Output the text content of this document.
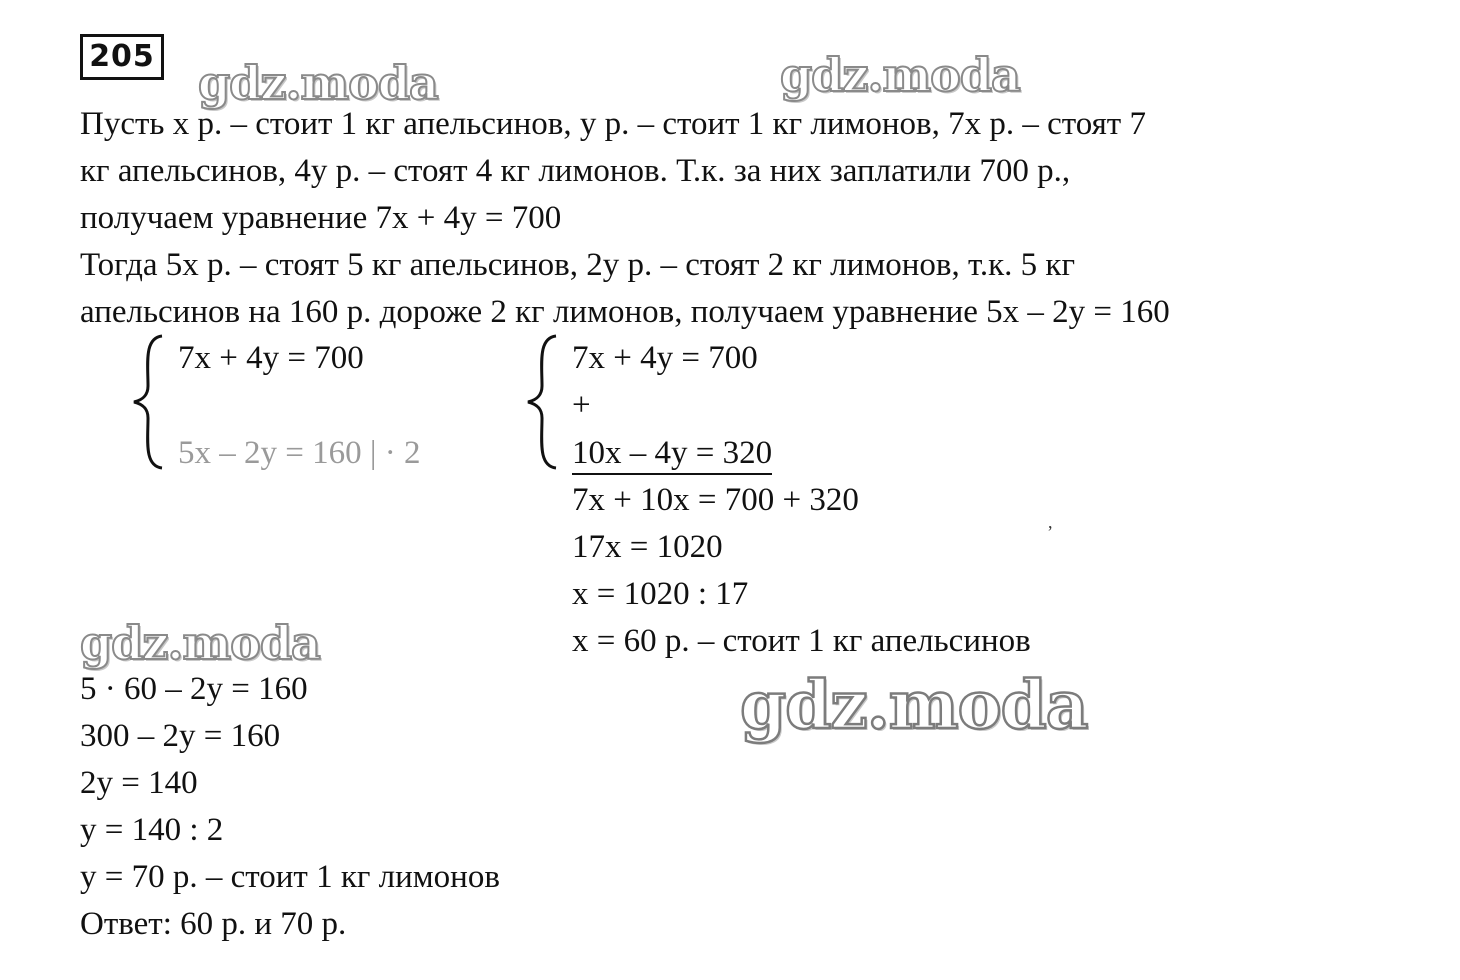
205 gdz.moda	gdz.moda
gdz.moda
gdz.moda
Пусть x р. – стоит 1 кг апельсинов, y р. – стоит 1 кг лимонов, 7x р. – стоят 7
кг апельсинов, 4y р. – стоят 4 кг лимонов. Т.к. за них заплатили 700 р.,
получаем уравнение 7x + 4y = 700
Тогда 5x р. – стоят 5 кг апельсинов, 2y р. – стоят 2 кг лимонов, т.к. 5 кг
апельсинов на 160 р. дороже 2 кг лимонов, получаем уравнение 5x – 2y = 160
7x + 4y = 700
5x – 2y = 160 | · 2
7x + 4y = 700
+
10x – 4y = 320
7x + 10x = 700 + 320
17x = 1020
x = 1020 : 17
x = 60 р. – стоит 1 кг апельсинов
,
5 · 60 – 2y = 160
300 – 2y = 160
2y = 140
y = 140 : 2
y = 70 р. – стоит 1 кг лимонов
Ответ: 60 р. и 70 р.
